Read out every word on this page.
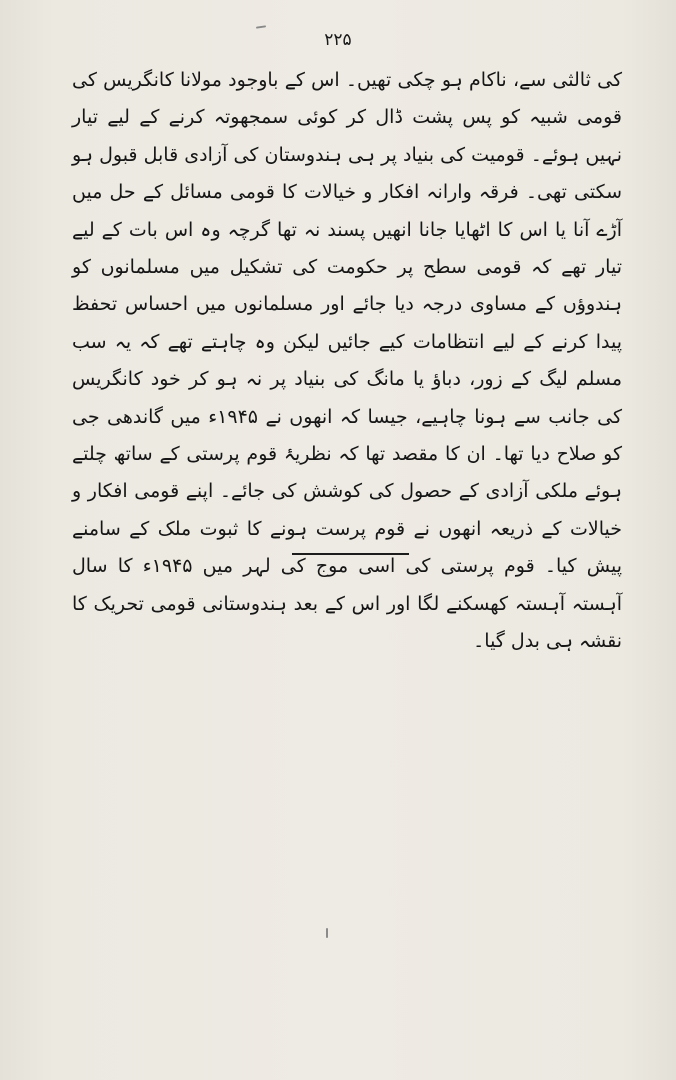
۲۲۵

کی ثالثی سے، ناکام ہو چکی تھیں۔ اس کے باوجود مولانا کانگریس کی قومی شبیہ کو پس پشت ڈال کر کوئی سمجھوتہ کرنے کے لیے تیار نہیں ہوئے۔ قومیت کی بنیاد پر ہی ہندوستان کی آزادی قابل قبول ہو سکتی تھی۔ فرقہ وارانہ افکار و خیالات کا قومی مسائل کے حل میں آڑے آنا یا اس کا اٹھایا جانا انھیں پسند نہ تھا گرچہ وہ اس بات کے لیے تیار تھے کہ قومی سطح پر حکومت کی تشکیل میں مسلمانوں کو ہندوؤں کے مساوی درجہ دیا جائے اور مسلمانوں میں احساس تحفظ پیدا کرنے کے لیے انتظامات کیے جائیں لیکن وہ چاہتے تھے کہ یہ سب مسلم لیگ کے زور، دباؤ یا مانگ کی بنیاد پر نہ ہو کر خود کانگریس کی جانب سے ہونا چاہیے، جیسا کہ انھوں نے ۱۹۴۵ء میں گاندھی جی کو صلاح دیا تھا۔ ان کا مقصد تھا کہ نظریۂ قوم پرستی کے ساتھ چلتے ہوئے ملکی آزادی کے حصول کی کوشش کی جائے۔ اپنے قومی افکار و خیالات کے ذریعہ انھوں نے قوم پرست ہونے کا ثبوت ملک کے سامنے پیش کیا۔ قوم پرستی کی اسی موج کی لہر میں ۱۹۴۵ء کا سال آہستہ آہستہ کھسکنے لگا اور اس کے بعد ہندوستانی قومی تحریک کا نقشہ ہی بدل گیا۔
